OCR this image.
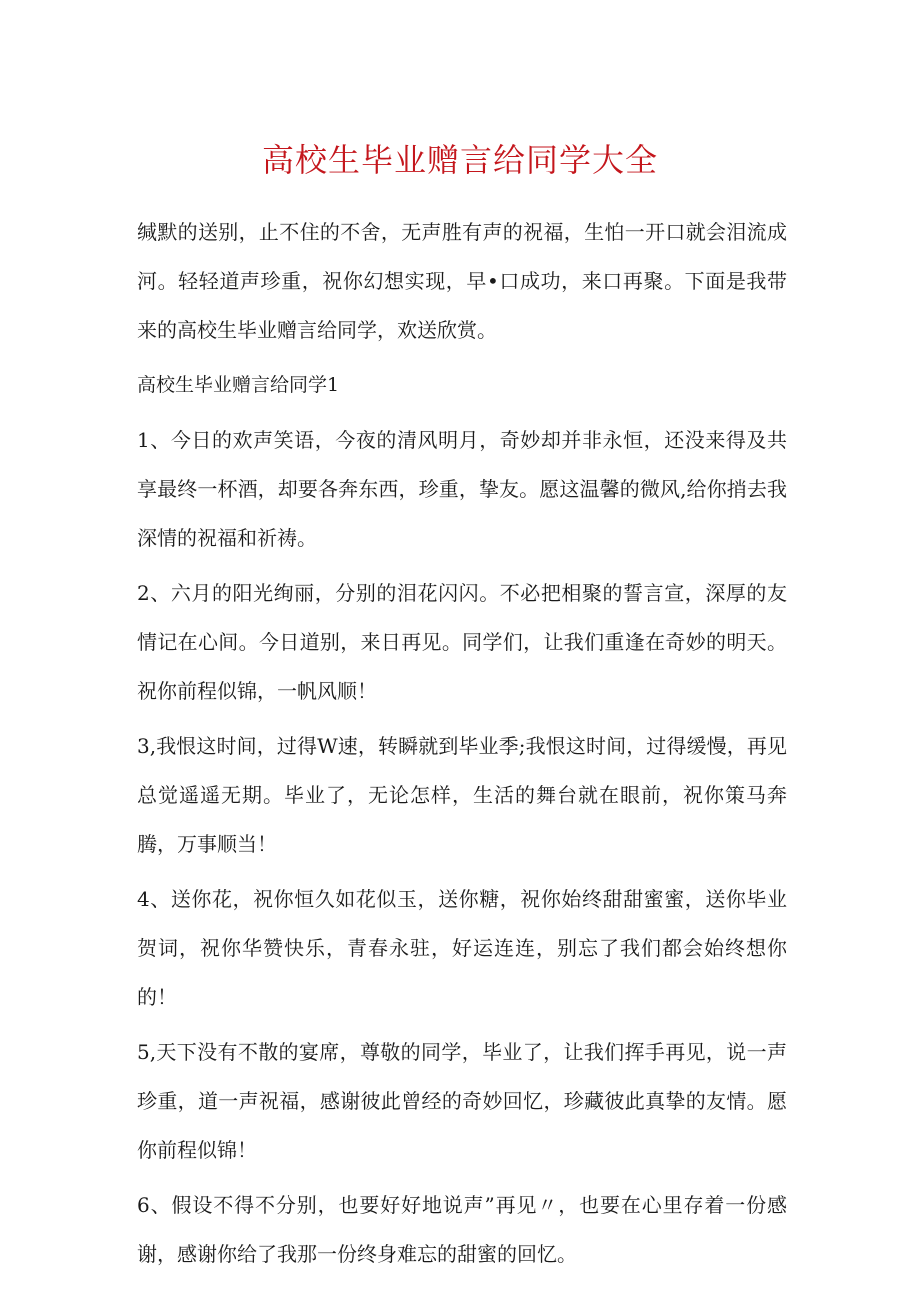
高校生毕业赠言给同学大全

缄默的送别，止不住的不舍，无声胜有声的祝福，生怕一开口就会泪流成河。轻轻道声珍重，祝你幻想实现，早•口成功，来口再聚。下面是我带来的高校生毕业赠言给同学，欢送欣赏。

高校生毕业赠言给同学1

1、今日的欢声笑语，今夜的清风明月，奇妙却并非永恒，还没来得及共享最终一杯酒，却要各奔东西，珍重，挚友。愿这温馨的微风,给你捎去我深情的祝福和祈祷。

2、六月的阳光绚丽，分别的泪花闪闪。不必把相聚的誓言宣，深厚的友情记在心间。今日道别，来日再见。同学们，让我们重逢在奇妙的明天。祝你前程似锦，一帆风顺！

3,我恨这时间，过得W速，转瞬就到毕业季;我恨这时间，过得缓慢，再见总觉遥遥无期。毕业了，无论怎样，生活的舞台就在眼前，祝你策马奔腾，万事顺当！

4、送你花，祝你恒久如花似玉，送你糖，祝你始终甜甜蜜蜜，送你毕业贺词，祝你华赞快乐，青春永驻，好运连连，别忘了我们都会始终想你的！

5,天下没有不散的宴席，尊敬的同学，毕业了，让我们挥手再见，说一声珍重，道一声祝福，感谢彼此曾经的奇妙回忆，珍藏彼此真挚的友情。愿你前程似锦！

6、假设不得不分别，也要好好地说声”再见〃，也要在心里存着一份感谢，感谢你给了我那一份终身难忘的甜蜜的回忆。
